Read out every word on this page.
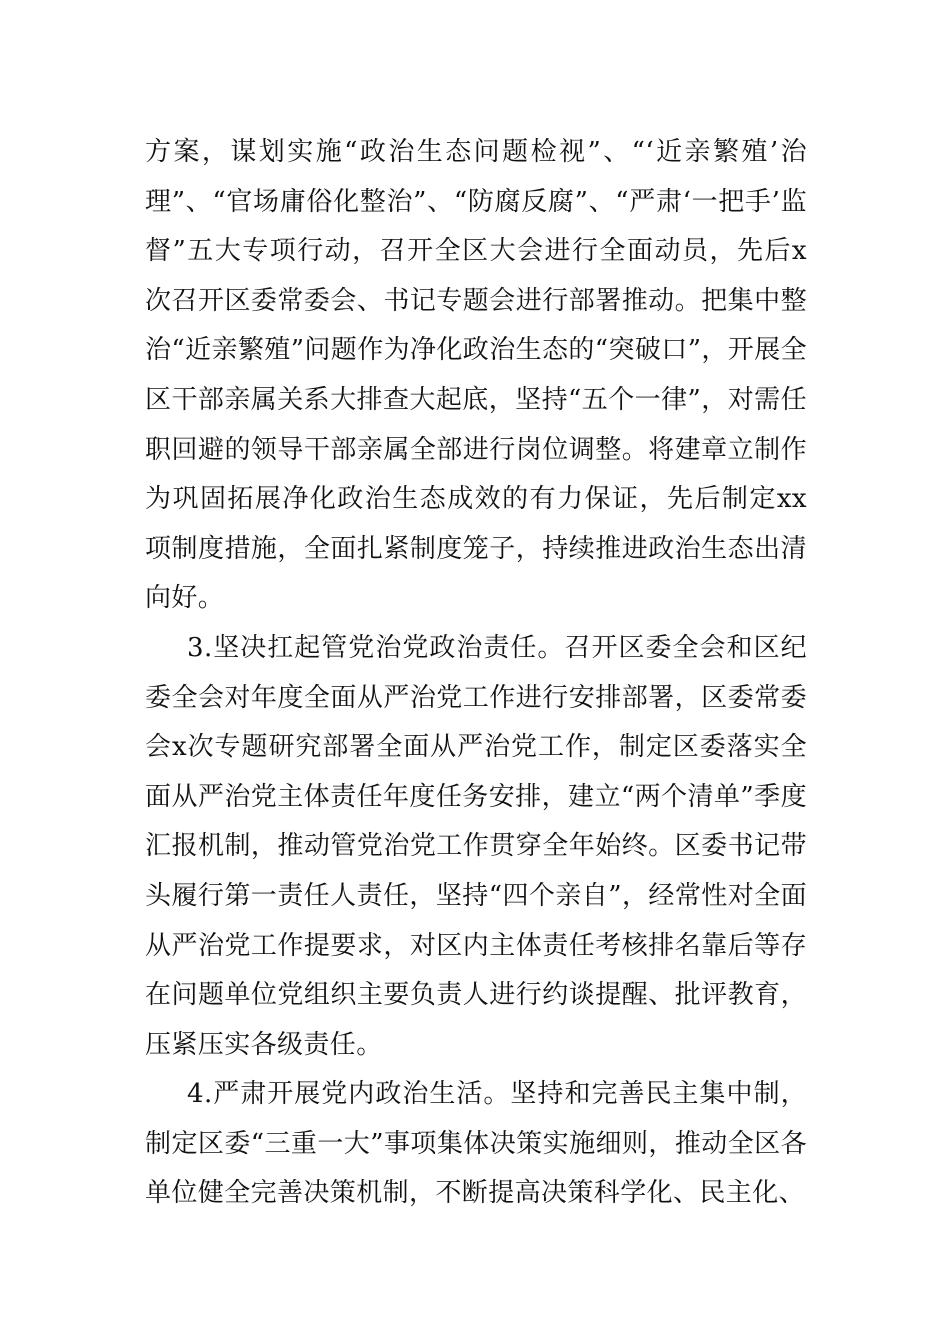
方案，谋划实施“政治生态问题检视”、“‘近亲繁殖’治理”、“官场庸俗化整治”、“防腐反腐”、“严肃‘一把手’监督”五大专项行动，召开全区大会进行全面动员，先后x次召开区委常委会、书记专题会进行部署推动。把集中整治“近亲繁殖”问题作为净化政治生态的“突破口”，开展全区干部亲属关系大排查大起底，坚持“五个一律”，对需任职回避的领导干部亲属全部进行岗位调整。将建章立制作为巩固拓展净化政治生态成效的有力保证，先后制定xx项制度措施，全面扎紧制度笼子，持续推进政治生态出清向好。

3.坚决扛起管党治党政治责任。召开区委全会和区纪委全会对年度全面从严治党工作进行安排部署，区委常委会x次专题研究部署全面从严治党工作，制定区委落实全面从严治党主体责任年度任务安排，建立“两个清单”季度汇报机制，推动管党治党工作贯穿全年始终。区委书记带头履行第一责任人责任，坚持“四个亲自”，经常性对全面从严治党工作提要求，对区内主体责任考核排名靠后等存在问题单位党组织主要负责人进行约谈提醒、批评教育，压紧压实各级责任。

4.严肃开展党内政治生活。坚持和完善民主集中制，制定区委“三重一大”事项集体决策实施细则，推动全区各单位健全完善决策机制，不断提高决策科学化、民主化、
